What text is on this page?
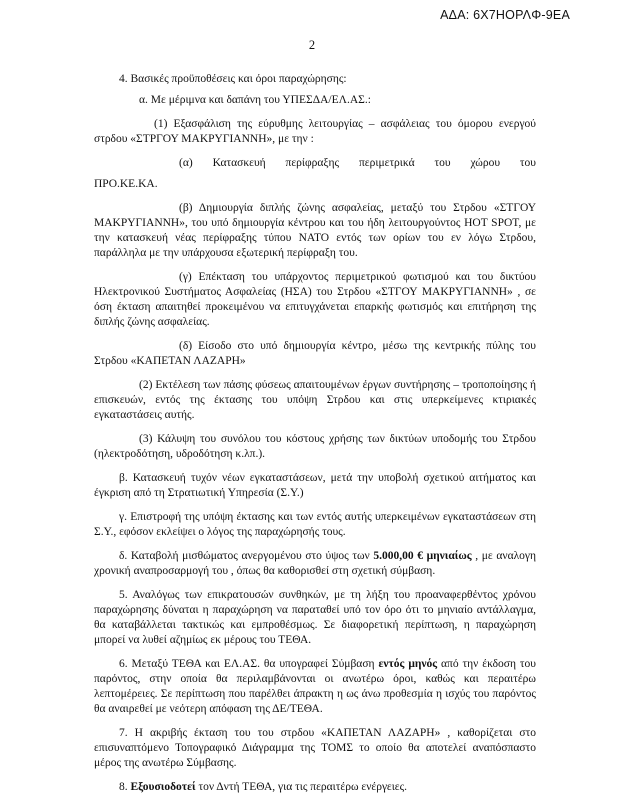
ΑΔΑ: 6Χ7ΗΟΡΛΦ-9ΕΑ
2

4. Βασικές προϋποθέσεις και όροι παραχώρησης:

α. Με μέριμνα και δαπάνη του ΥΠΕΣΔΑ/ΕΛ.ΑΣ.:

(1) Εξασφάλιση της εύρυθμης λειτουργίας – ασφάλειας του όμορου ενεργού στρδου «ΣΤΡΓΟΥ ΜΑΚΡΥΓΙΑΝΝΗ», με την :

(α) Κατασκευή περίφραξης περιμετρικά του χώρου του

ΠΡΟ.ΚΕ.ΚΑ.

(β) Δημιουργία διπλής ζώνης ασφαλείας, μεταξύ του Στρδου «ΣΤΓΟΥ ΜΑΚΡΥΓΙΑΝΝΗ», του υπό δημιουργία κέντρου και του ήδη λειτουργούντος HOT SPOT, με την κατασκευή νέας περίφραξης τύπου ΝΑΤΟ εντός των ορίων του εν λόγω Στρδου, παράλληλα με την υπάρχουσα εξωτερική περίφραξη του.

(γ) Επέκταση του υπάρχοντος περιμετρικού φωτισμού και του δικτύου Ηλεκτρονικού Συστήματος Ασφαλείας (ΗΣΑ) του Στρδου «ΣΤΓΟΥ ΜΑΚΡΥΓΙΑΝΝΗ» , σε όση έκταση απαιτηθεί προκειμένου να επιτυγχάνεται επαρκής φωτισμός και επιτήρηση της διπλής ζώνης ασφαλείας.

(δ) Είσοδο στο υπό δημιουργία κέντρο, μέσω της κεντρικής πύλης του Στρδου «ΚΑΠΕΤΑΝ ΛΑΖΑΡΗ»

(2) Εκτέλεση των πάσης φύσεως απαιτουμένων έργων συντήρησης – τροποποίησης ή επισκευών, εντός της έκτασης του υπόψη Στρδου και στις υπερκείμενες κτιριακές εγκαταστάσεις αυτής.

(3) Κάλυψη του συνόλου του κόστους χρήσης των δικτύων υποδομής του Στρδου (ηλεκτροδότηση, υδροδότηση κ.λπ.).

β. Κατασκευή τυχόν νέων εγκαταστάσεων, μετά την υποβολή σχετικού αιτήματος και έγκριση από τη Στρατιωτική Υπηρεσία (Σ.Υ.)

γ. Επιστροφή της υπόψη έκτασης και των εντός αυτής υπερκειμένων εγκαταστάσεων στη Σ.Υ., εφόσον εκλείψει ο λόγος της παραχώρησής τους.

δ. Καταβολή μισθώματος ανεργομένου στο ύψος των 5.000,00 € μηνιαίως , με αναλογη χρονική αναπροσαρμογή του , όπως θα καθορισθεί στη σχετική σύμβαση.

5. Αναλόγως των επικρατουσών συνθηκών, με τη λήξη του προαναφερθέντος χρόνου παραχώρησης δύναται η παραχώρηση να παραταθεί υπό τον όρο ότι το μηνιαίο αντάλλαγμα, θα καταβάλλεται τακτικώς και εμπροθέσμως. Σε διαφορετική περίπτωση, η παραχώρηση μπορεί να λυθεί αζημίως εκ μέρους του ΤΕΘΑ.

6. Μεταξύ ΤΕΘΑ και ΕΛ.ΑΣ. θα υπογραφεί Σύμβαση εντός μηνός από την έκδοση του παρόντος, στην οποία θα περιλαμβάνονται οι ανωτέρω όροι, καθώς και περαιτέρω λεπτομέρειες. Σε περίπτωση που παρέλθει άπρακτη η ως άνω προθεσμία η ισχύς του παρόντος θα αναιρεθεί με νεότερη απόφαση της ΔΕ/ΤΕΘΑ.

7. Η ακριβής έκταση του του στρδου «ΚΑΠΕΤΑΝ ΛΑΖΑΡΗ» , καθορίζεται στο επισυναπτόμενο Τοπογραφικό Διάγραμμα της ΤΟΜΣ το οποίο θα αποτελεί αναπόσπαστο μέρος της ανωτέρω Σύμβασης.

8. Εξουσιοδοτεί τον Δντή ΤΕΘΑ, για τις περαιτέρω ενέργειες.
